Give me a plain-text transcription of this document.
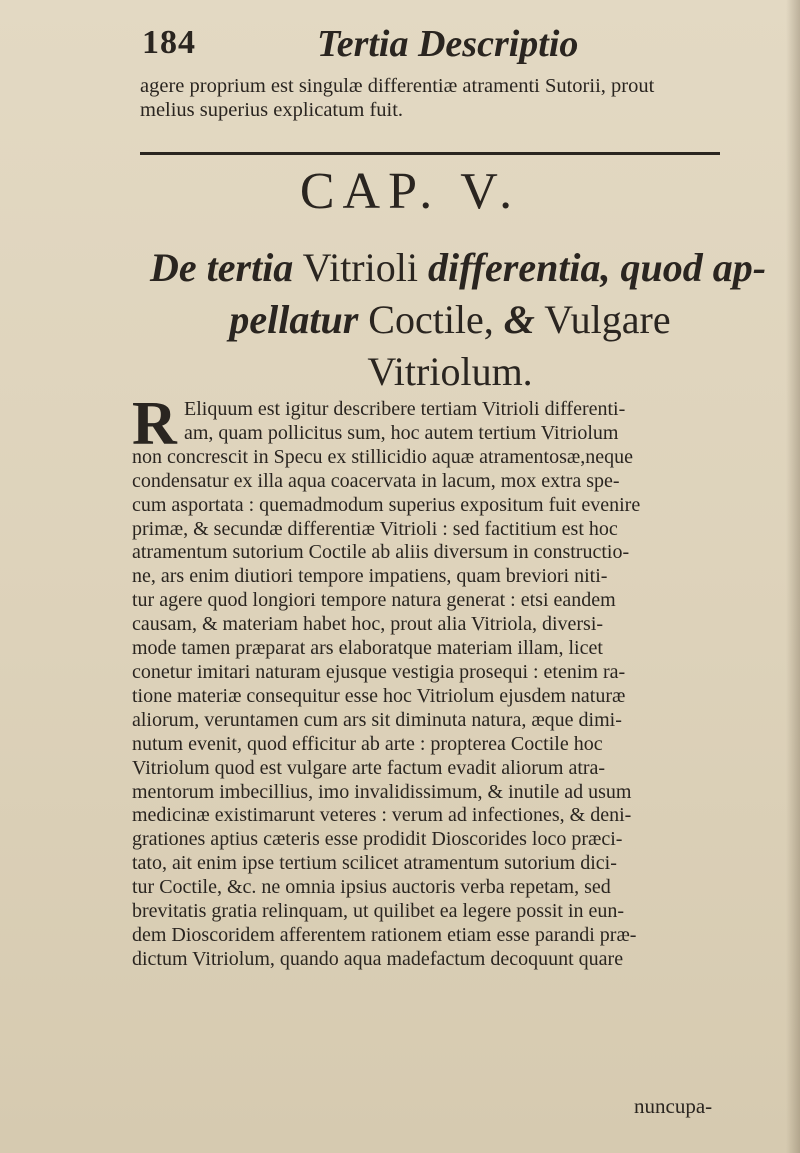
184	Tertia Descriptio
agere proprium est singulæ differentiæ atramenti Sutorii, prout
melius superius explicatum fuit.
CAP. V.
De tertia Vitrioli differentia, quod ap-
pellatur Coctile, & Vulgare
Vitriolum.
R Eliquum est igitur describere tertiam Vitrioli differenti-
am, quam pollicitus sum, hoc autem tertium Vitriolum
non concrescit in Specu ex stillicidio aquæ atramentosæ,neque
condensatur ex illa aqua coacervata in lacum, mox extra spe-
cum asportata : quemadmodum superius expositum fuit evenire
primæ, & secundæ differentiæ Vitrioli : sed factitium est hoc
atramentum sutorium Coctile ab aliis diversum in constructio-
ne, ars enim diutiori tempore impatiens, quam breviori niti-
tur agere quod longiori tempore natura generat : etsi eandem
causam, & materiam habet hoc, prout alia Vitriola, diversi-
mode tamen præparat ars elaboratque materiam illam, licet
conetur imitari naturam ejusque vestigia prosequi : etenim ra-
tione materiæ consequitur esse hoc Vitriolum ejusdem naturæ
aliorum, veruntamen cum ars sit diminuta natura, æque dimi-
nutum evenit, quod efficitur ab arte : propterea Coctile hoc
Vitriolum quod est vulgare arte factum evadit aliorum atra-
mentorum imbecillius, imo invalidissimum, & inutile ad usum
medicinæ existimarunt veteres : verum ad infectiones, & deni-
grationes aptius cæteris esse prodidit Dioscorides loco præci-
tato, ait enim ipse tertium scilicet atramentum sutorium dici-
tur Coctile, &c. ne omnia ipsius auctoris verba repetam, sed
brevitatis gratia relinquam, ut quilibet ea legere possit in eun-
dem Dioscoridem afferentem rationem etiam esse parandi præ-
dictum Vitriolum, quando aqua madefactum decoquunt quare
nuncupa-
